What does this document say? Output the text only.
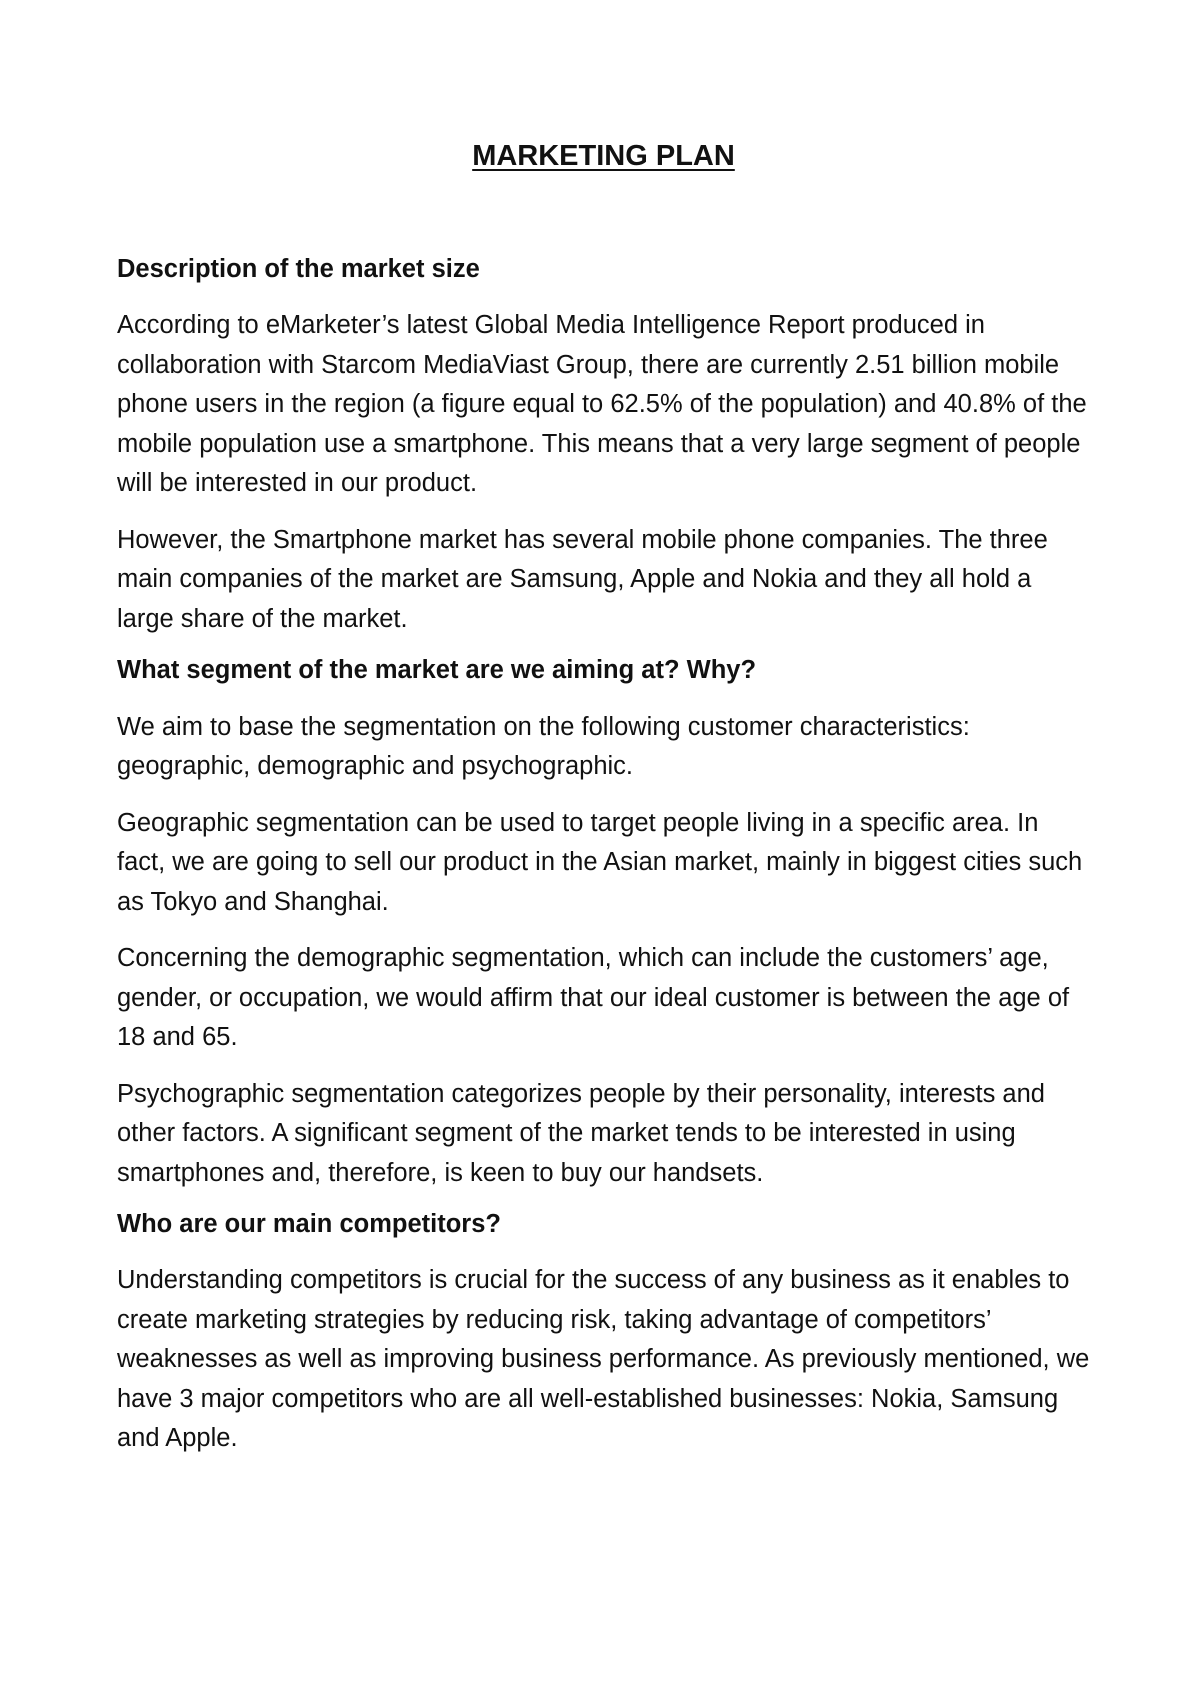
MARKETING PLAN
Description of the market size

According to eMarketer’s latest Global Media Intelligence Report produced in collaboration with Starcom MediaViast Group, there are currently 2.51 billion mobile phone users in the region (a figure equal to 62.5% of the population) and 40.8% of the mobile population use a smartphone. This means that a very large segment of people will be interested in our product.

However, the Smartphone market has several mobile phone companies. The three main companies of the market are Samsung, Apple and Nokia and they all hold a large share of the market.

What segment of the market are we aiming at? Why?

We aim to base the segmentation on the following customer characteristics: geographic, demographic and psychographic.

Geographic segmentation can be used to target people living in a specific area. In fact, we are going to sell our product in the Asian market, mainly in biggest cities such as Tokyo and Shanghai.

Concerning the demographic segmentation, which can include the customers’ age, gender, or occupation, we would affirm that our ideal customer is between the age of 18 and 65.

Psychographic segmentation categorizes people by their personality, interests and other factors. A significant segment of the market tends to be interested in using smartphones and, therefore, is keen to buy our handsets.

Who are our main competitors?

Understanding competitors is crucial for the success of any business as it enables to create marketing strategies by reducing risk, taking advantage of competitors’ weaknesses as well as improving business performance. As previously mentioned, we have 3 major competitors who are all well-established businesses: Nokia, Samsung and Apple.
